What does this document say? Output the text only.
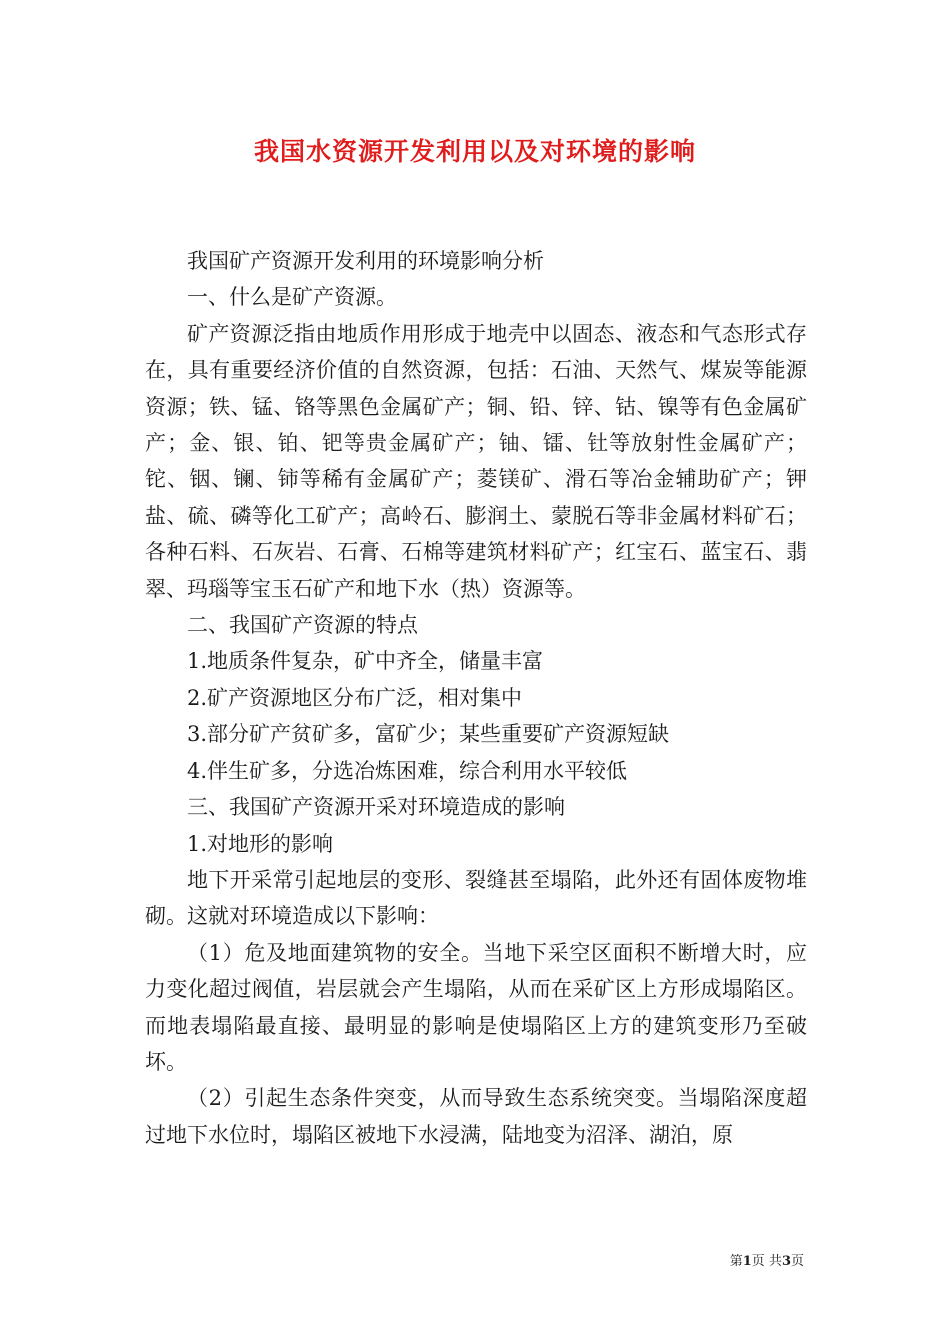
我国水资源开发利用以及对环境的影响

我国矿产资源开发利用的环境影响分析

一、什么是矿产资源。

矿产资源泛指由地质作用形成于地壳中以固态、液态和气态形式存在，具有重要经济价值的自然资源，包括：石油、天然气、煤炭等能源资源；铁、锰、铬等黑色金属矿产；铜、铅、锌、钴、镍等有色金属矿产；金、银、铂、钯等贵金属矿产；铀、镭、钍等放射性金属矿产；铊、铟、镧、铈等稀有金属矿产；菱镁矿、滑石等冶金辅助矿产；钾盐、硫、磷等化工矿产；高岭石、膨润土、蒙脱石等非金属材料矿石；各种石料、石灰岩、石膏、石棉等建筑材料矿产；红宝石、蓝宝石、翡翠、玛瑙等宝玉石矿产和地下水（热）资源等。

二、我国矿产资源的特点

1.地质条件复杂，矿中齐全，储量丰富

2.矿产资源地区分布广泛，相对集中

3.部分矿产贫矿多，富矿少；某些重要矿产资源短缺

4.伴生矿多，分选冶炼困难，综合利用水平较低

三、我国矿产资源开采对环境造成的影响

1.对地形的影响

地下开采常引起地层的变形、裂缝甚至塌陷，此外还有固体废物堆砌。这就对环境造成以下影响：

（1）危及地面建筑物的安全。当地下采空区面积不断增大时，应力变化超过阀值，岩层就会产生塌陷，从而在采矿区上方形成塌陷区。而地表塌陷最直接、最明显的影响是使塌陷区上方的建筑变形乃至破坏。

（2）引起生态条件突变，从而导致生态系统突变。当塌陷深度超过地下水位时，塌陷区被地下水浸满，陆地变为沼泽、湖泊，原

第1页 共3页
